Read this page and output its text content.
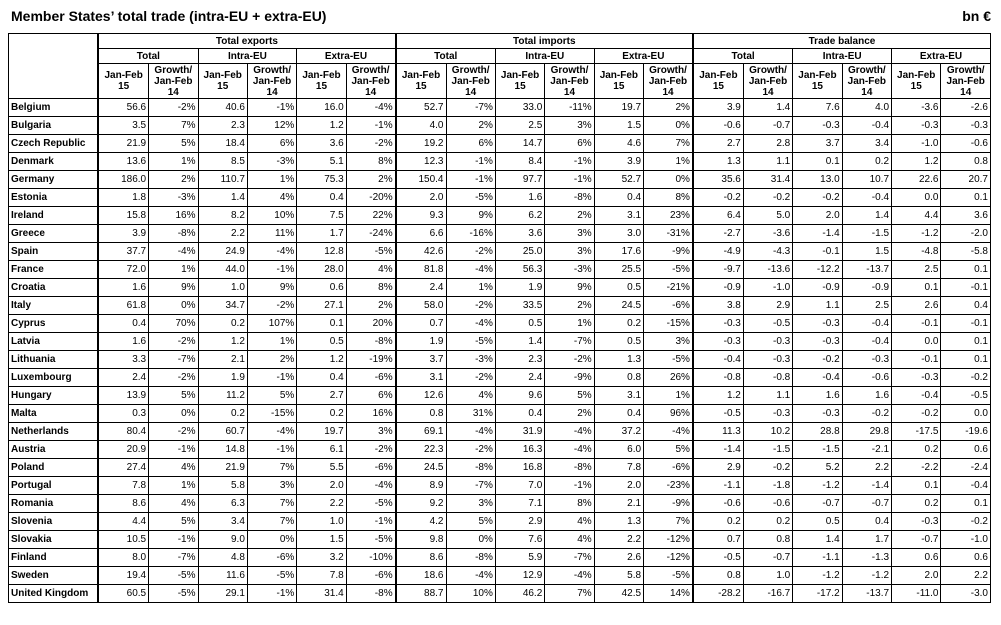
Member States’ total trade (intra-EU + extra-EU)	bn €
	Total exports						Total imports						Trade balance					
	Total		Intra-EU		Extra-EU		Total		Intra-EU		Extra-EU		Total		Intra-EU		Extra-EU	
	Jan-Feb 15	Growth/ Jan-Feb 14	Jan-Feb 15	Growth/ Jan-Feb 14	Jan-Feb 15	Growth/ Jan-Feb 14	Jan-Feb 15	Growth/ Jan-Feb 14	Jan-Feb 15	Growth/ Jan-Feb 14	Jan-Feb 15	Growth/ Jan-Feb 14	Jan-Feb 15	Growth/ Jan-Feb 14	Jan-Feb 15	Growth/ Jan-Feb 14	Jan-Feb 15	Growth/ Jan-Feb 14
Belgium	56.6	-2%	40.6	-1%	16.0	-4%	52.7	-7%	33.0	-11%	19.7	2%	3.9	1.4	7.6	4.0	-3.6	-2.6
Bulgaria	3.5	7%	2.3	12%	1.2	-1%	4.0	2%	2.5	3%	1.5	0%	-0.6	-0.7	-0.3	-0.4	-0.3	-0.3
Czech Republic	21.9	5%	18.4	6%	3.6	-2%	19.2	6%	14.7	6%	4.6	7%	2.7	2.8	3.7	3.4	-1.0	-0.6
Denmark	13.6	1%	8.5	-3%	5.1	8%	12.3	-1%	8.4	-1%	3.9	1%	1.3	1.1	0.1	0.2	1.2	0.8
Germany	186.0	2%	110.7	1%	75.3	2%	150.4	-1%	97.7	-1%	52.7	0%	35.6	31.4	13.0	10.7	22.6	20.7
Estonia	1.8	-3%	1.4	4%	0.4	-20%	2.0	-5%	1.6	-8%	0.4	8%	-0.2	-0.2	-0.2	-0.4	0.0	0.1
Ireland	15.8	16%	8.2	10%	7.5	22%	9.3	9%	6.2	2%	3.1	23%	6.4	5.0	2.0	1.4	4.4	3.6
Greece	3.9	-8%	2.2	11%	1.7	-24%	6.6	-16%	3.6	3%	3.0	-31%	-2.7	-3.6	-1.4	-1.5	-1.2	-2.0
Spain	37.7	-4%	24.9	-4%	12.8	-5%	42.6	-2%	25.0	3%	17.6	-9%	-4.9	-4.3	-0.1	1.5	-4.8	-5.8
France	72.0	1%	44.0	-1%	28.0	4%	81.8	-4%	56.3	-3%	25.5	-5%	-9.7	-13.6	-12.2	-13.7	2.5	0.1
Croatia	1.6	9%	1.0	9%	0.6	8%	2.4	1%	1.9	9%	0.5	-21%	-0.9	-1.0	-0.9	-0.9	0.1	-0.1
Italy	61.8	0%	34.7	-2%	27.1	2%	58.0	-2%	33.5	2%	24.5	-6%	3.8	2.9	1.1	2.5	2.6	0.4
Cyprus	0.4	70%	0.2	107%	0.1	20%	0.7	-4%	0.5	1%	0.2	-15%	-0.3	-0.5	-0.3	-0.4	-0.1	-0.1
Latvia	1.6	-2%	1.2	1%	0.5	-8%	1.9	-5%	1.4	-7%	0.5	3%	-0.3	-0.3	-0.3	-0.4	0.0	0.1
Lithuania	3.3	-7%	2.1	2%	1.2	-19%	3.7	-3%	2.3	-2%	1.3	-5%	-0.4	-0.3	-0.2	-0.3	-0.1	0.1
Luxembourg	2.4	-2%	1.9	-1%	0.4	-6%	3.1	-2%	2.4	-9%	0.8	26%	-0.8	-0.8	-0.4	-0.6	-0.3	-0.2
Hungary	13.9	5%	11.2	5%	2.7	6%	12.6	4%	9.6	5%	3.1	1%	1.2	1.1	1.6	1.6	-0.4	-0.5
Malta	0.3	0%	0.2	-15%	0.2	16%	0.8	31%	0.4	2%	0.4	96%	-0.5	-0.3	-0.3	-0.2	-0.2	0.0
Netherlands	80.4	-2%	60.7	-4%	19.7	3%	69.1	-4%	31.9	-4%	37.2	-4%	11.3	10.2	28.8	29.8	-17.5	-19.6
Austria	20.9	-1%	14.8	-1%	6.1	-2%	22.3	-2%	16.3	-4%	6.0	5%	-1.4	-1.5	-1.5	-2.1	0.2	0.6
Poland	27.4	4%	21.9	7%	5.5	-6%	24.5	-8%	16.8	-8%	7.8	-6%	2.9	-0.2	5.2	2.2	-2.2	-2.4
Portugal	7.8	1%	5.8	3%	2.0	-4%	8.9	-7%	7.0	-1%	2.0	-23%	-1.1	-1.8	-1.2	-1.4	0.1	-0.4
Romania	8.6	4%	6.3	7%	2.2	-5%	9.2	3%	7.1	8%	2.1	-9%	-0.6	-0.6	-0.7	-0.7	0.2	0.1
Slovenia	4.4	5%	3.4	7%	1.0	-1%	4.2	5%	2.9	4%	1.3	7%	0.2	0.2	0.5	0.4	-0.3	-0.2
Slovakia	10.5	-1%	9.0	0%	1.5	-5%	9.8	0%	7.6	4%	2.2	-12%	0.7	0.8	1.4	1.7	-0.7	-1.0
Finland	8.0	-7%	4.8	-6%	3.2	-10%	8.6	-8%	5.9	-7%	2.6	-12%	-0.5	-0.7	-1.1	-1.3	0.6	0.6
Sweden	19.4	-5%	11.6	-5%	7.8	-6%	18.6	-4%	12.9	-4%	5.8	-5%	0.8	1.0	-1.2	-1.2	2.0	2.2
United Kingdom	60.5	-5%	29.1	-1%	31.4	-8%	88.7	10%	46.2	7%	42.5	14%	-28.2	-16.7	-17.2	-13.7	-11.0	-3.0
